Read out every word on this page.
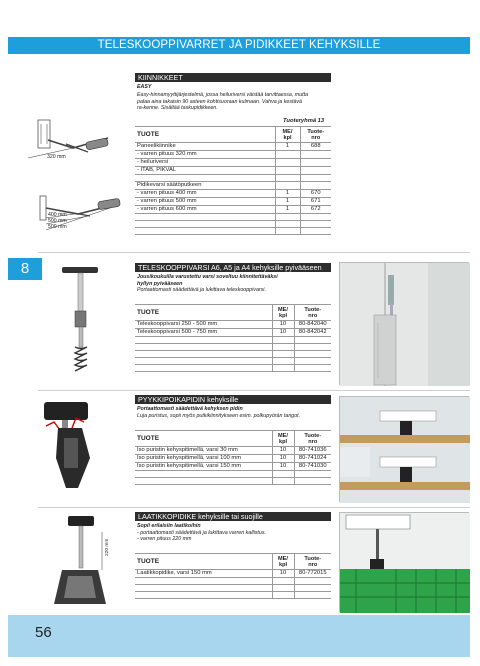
TELESKOOPPIVARRET JA PIDIKKEET KEHYKSILLE
8
KIINNIKKEET
EASY
Easy-hinnamyyttijärjestelmä, jossa heiluriversi väistää tarvittaessa, mutta
palaa aina takaisin 90 asteen kohtisuoraan kulmaan. Vahva ja kestävä
ra-kenne. Sisältää taskupidikkeen.
Tuoteryhmä 13
TUOTE	ME/
kpl	Tuote-
nro
Paneelikiinnike	1	688
- varren pituus 320 mm		
- heiluriversi		
- ITAB, PIKVAL		

Pidikevarsi säätöputkeen		
- varren pituus 400 mm	1	670
- varren pituus 500 mm	1	671
- varren pituus 600 mm	1	672

320 mm
400 mm
500 mm
500 mm
TELESKOOPPIVARSI A6, A5 ja A4 kehyksille pyivääseen
Jousikoukuilla varustettu varsi soveltuu kiinnitettäväksi
hyllyn pyivääseen
Portaattomasti säädettävä ja lukittava teleskooppivarsi.
TUOTE	ME/
kpl	Tuote-
nro
Teleskooppivarsi 250 - 500 mm	10	80-842040
Teleskooppivarsi 500 - 750 mm	10	80-842042

PYYKKIPOIKAPIDIN kehyksille
Portaattomasti säädettävä kehyksen pidin
Luja puristus, sopii myös putkikiinnitykseen esim. polkupyörän tangot.
TUOTE	ME/
kpl	Tuote-
nro
Iso puristin kehyspitimellä, varsi 30 mm	10	80-741036
Iso puristin kehyspitimellä, varsi 100 mm	10	80-741024
Iso puristin kehyspitimellä, varsi 150 mm	10	80-741030

220 mm
LAATIKKOPIDIKE kehyksille tai suojille
Sopii erilaisiin laatikoihin
- portaattomasti säädettävä ja lukittava varren kallistus.
- varren pituus 220 mm
TUOTE	ME/
kpl	Tuote-
nro
Laatikkopidike, varsi 150 mm	10	80-772015

56
